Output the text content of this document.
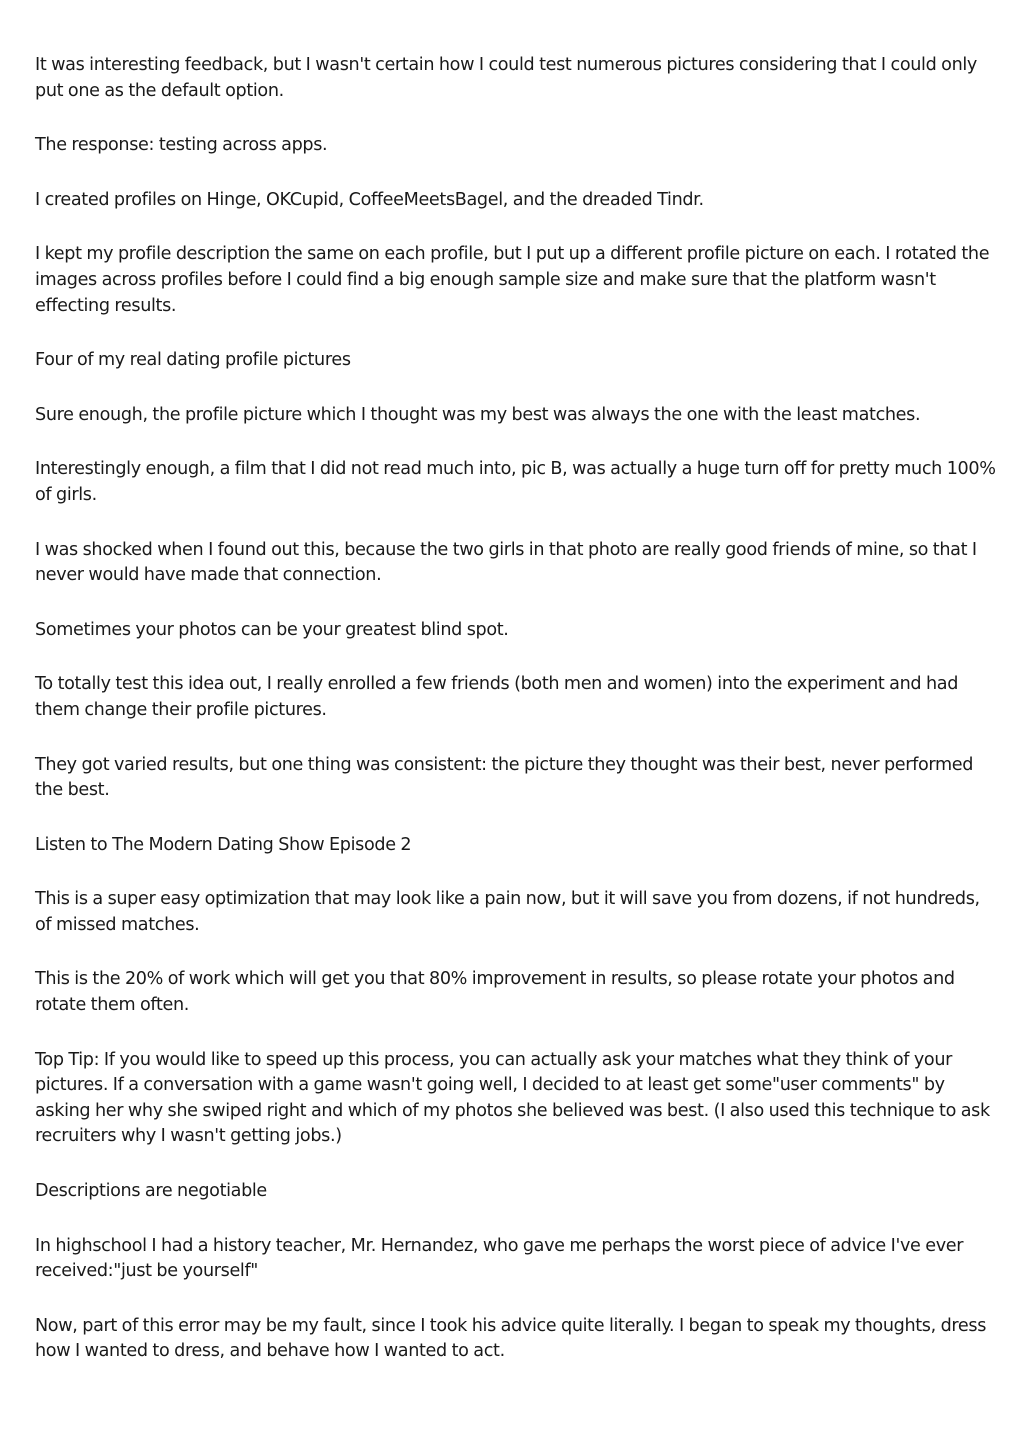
It was interesting feedback, but I wasn't certain how I could test numerous pictures considering that I could only put one as the default option.

The response: testing across apps.

I created profiles on Hinge, OKCupid, CoffeeMeetsBagel, and the dreaded Tindr.

I kept my profile description the same on each profile, but I put up a different profile picture on each. I rotated the images across profiles before I could find a big enough sample size and make sure that the platform wasn't effecting results.

Four of my real dating profile pictures

Sure enough, the profile picture which I thought was my best was always the one with the least matches.

Interestingly enough, a film that I did not read much into, pic B, was actually a huge turn off for pretty much 100% of girls.

I was shocked when I found out this, because the two girls in that photo are really good friends of mine, so that I never would have made that connection.

Sometimes your photos can be your greatest blind spot.

To totally test this idea out, I really enrolled a few friends (both men and women) into the experiment and had them change their profile pictures.

They got varied results, but one thing was consistent: the picture they thought was their best, never performed the best.

Listen to The Modern Dating Show Episode 2

This is a super easy optimization that may look like a pain now, but it will save you from dozens, if not hundreds, of missed matches.

This is the 20% of work which will get you that 80% improvement in results, so please rotate your photos and rotate them often.

Top Tip: If you would like to speed up this process, you can actually ask your matches what they think of your pictures. If a conversation with a game wasn't going well, I decided to at least get some"user comments" by asking her why she swiped right and which of my photos she believed was best. (I also used this technique to ask recruiters why I wasn't getting jobs.)

Descriptions are negotiable

In highschool I had a history teacher, Mr. Hernandez, who gave me perhaps the worst piece of advice I've ever received:"just be yourself"

Now, part of this error may be my fault, since I took his advice quite literally. I began to speak my thoughts, dress how I wanted to dress, and behave how I wanted to act.
